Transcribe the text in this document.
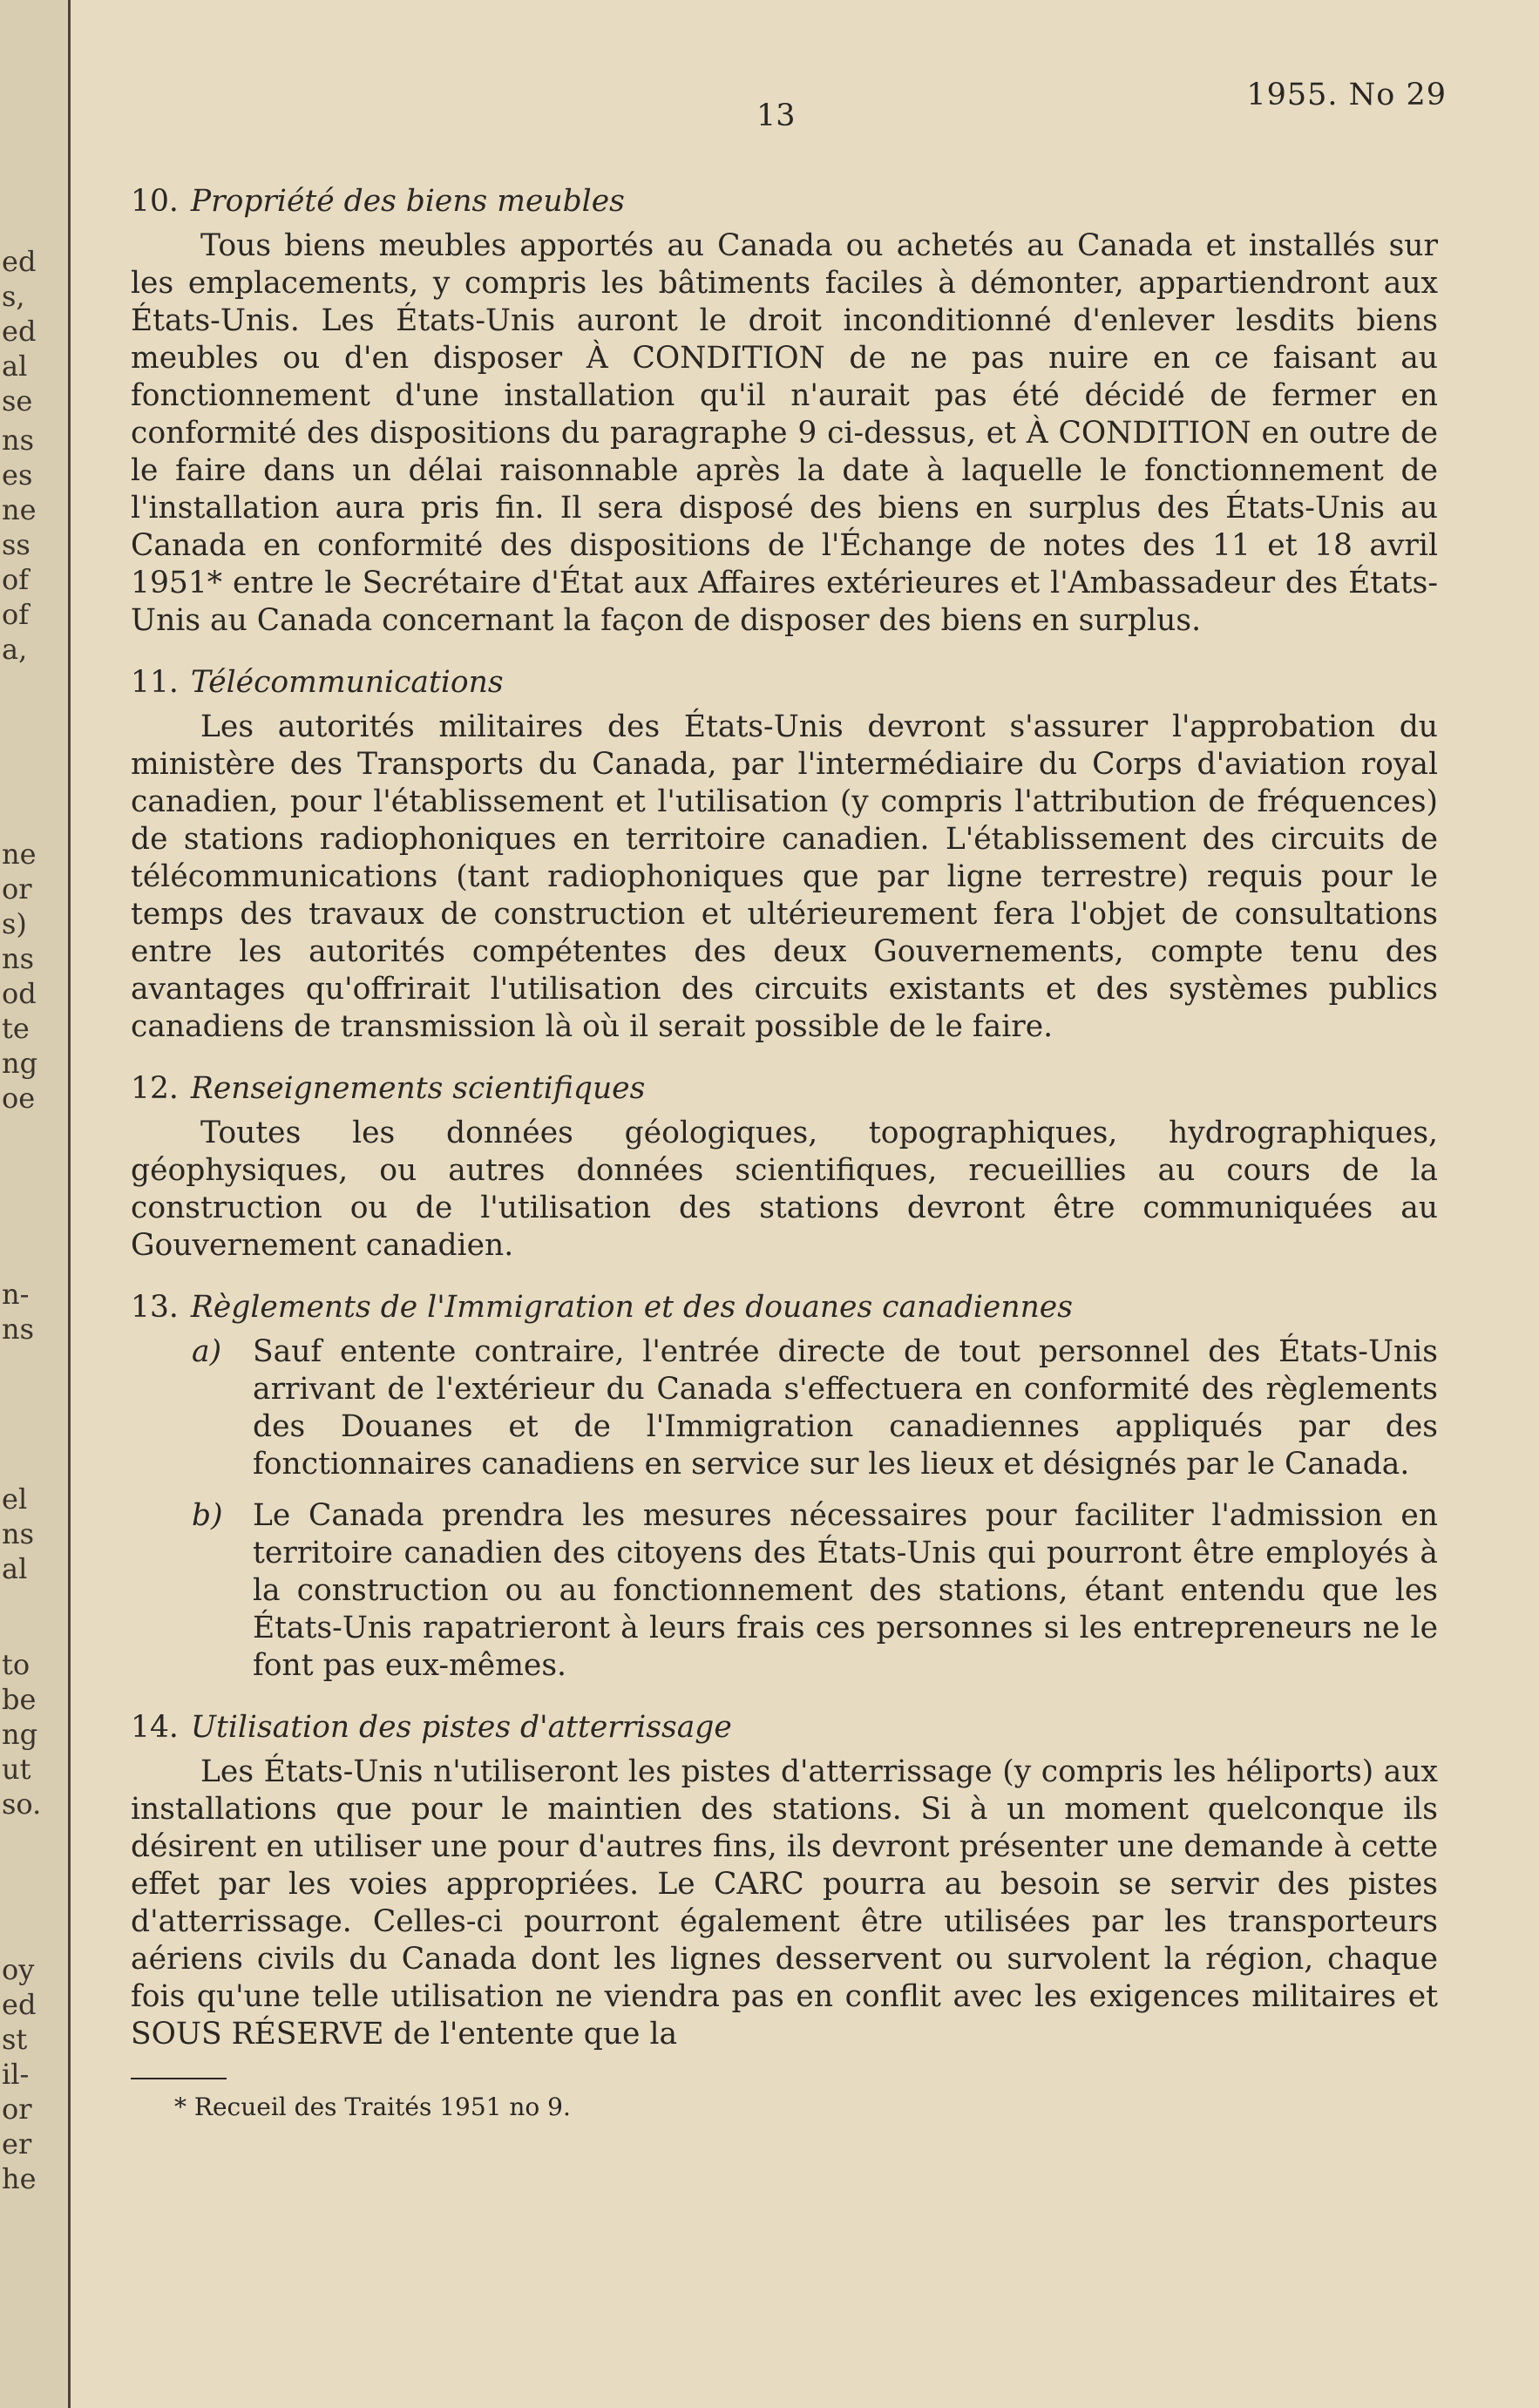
ed
s,
ed
al
se
ns
es
ne
ss
of
of
a,
ne
or
s)
ns
od
te
ng
oe
n-
ns
el
ns
al
to
be
ng
ut
so.
oy
ed
st
il-
or
er
he
13
1955. No 29

10. Propriété des biens meubles

Tous biens meubles apportés au Canada ou achetés au Canada et installés sur les emplacements, y compris les bâtiments faciles à démonter, appartiendront aux États-Unis. Les États-Unis auront le droit inconditionné d'enlever lesdits biens meubles ou d'en disposer À CONDITION de ne pas nuire en ce faisant au fonctionnement d'une installation qu'il n'aurait pas été décidé de fermer en conformité des dispositions du paragraphe 9 ci-dessus, et À CONDITION en outre de le faire dans un délai raisonnable après la date à laquelle le fonctionnement de l'installation aura pris fin. Il sera disposé des biens en surplus des États-Unis au Canada en conformité des dispositions de l'Échange de notes des 11 et 18 avril 1951* entre le Secrétaire d'État aux Affaires extérieures et l'Ambassadeur des États-Unis au Canada concernant la façon de disposer des biens en surplus.

11. Télécommunications

Les autorités militaires des États-Unis devront s'assurer l'approbation du ministère des Transports du Canada, par l'intermédiaire du Corps d'aviation royal canadien, pour l'établissement et l'utilisation (y compris l'attribution de fréquences) de stations radiophoniques en territoire canadien. L'établissement des circuits de télécommunications (tant radiophoniques que par ligne terrestre) requis pour le temps des travaux de construction et ultérieurement fera l'objet de consultations entre les autorités compétentes des deux Gouvernements, compte tenu des avantages qu'offrirait l'utilisation des circuits existants et des systèmes publics canadiens de transmission là où il serait possible de le faire.

12. Renseignements scientifiques

Toutes les données géologiques, topographiques, hydrographiques, géophysiques, ou autres données scientifiques, recueillies au cours de la construction ou de l'utilisation des stations devront être communiquées au Gouvernement canadien.

13. Règlements de l'Immigration et des douanes canadiennes

a)	Sauf entente contraire, l'entrée directe de tout personnel des États-Unis arrivant de l'extérieur du Canada s'effectuera en conformité des règlements des Douanes et de l'Immigration canadiennes appliqués par des fonctionnaires canadiens en service sur les lieux et désignés par le Canada.

b) Le Canada prendra les mesures nécessaires pour faciliter l'admission en territoire canadien des citoyens des États-Unis qui pourront être employés à la construction ou au fonctionnement des stations, étant entendu que les États-Unis rapatrieront à leurs frais ces personnes si les entrepreneurs ne le font pas eux-mêmes.

14. Utilisation des pistes d'atterrissage

Les États-Unis n'utiliseront les pistes d'atterrissage (y compris les héliports) aux installations que pour le maintien des stations. Si à un moment quelconque ils désirent en utiliser une pour d'autres fins, ils devront présenter une demande à cette effet par les voies appropriées. Le CARC pourra au besoin se servir des pistes d'atterrissage. Celles-ci pourront également être utilisées par les transporteurs aériens civils du Canada dont les lignes desservent ou survolent la région, chaque fois qu'une telle utilisation ne viendra pas en conflit avec les exigences militaires et SOUS RÉSERVE de l'entente que la

* Recueil des Traités 1951 no 9.
